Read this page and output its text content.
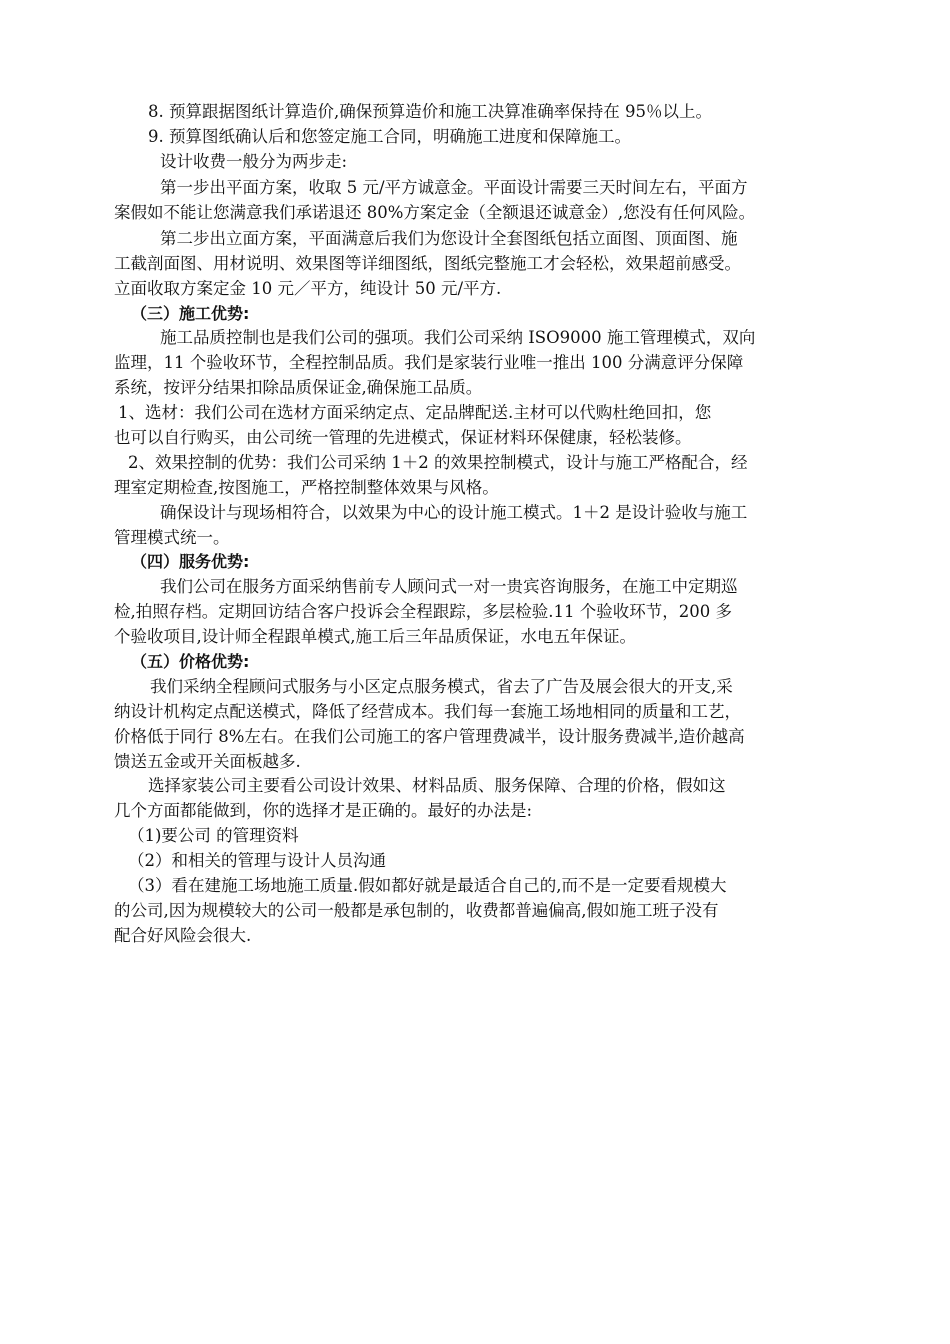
8. 预算跟据图纸计算造价,确保预算造价和施工决算准确率保持在 95％以上。
9. 预算图纸确认后和您签定施工合同，明确施工进度和保障施工。
设计收费一般分为两步走:
第一步出平面方案，收取 5 元/平方诚意金。平面设计需要三天时间左右，平面方
案假如不能让您满意我们承诺退还 80%方案定金（全额退还诚意金）,您没有任何风险。
第二步出立面方案，平面满意后我们为您设计全套图纸包括立面图、顶面图、施
工截剖面图、用材说明、效果图等详细图纸，图纸完整施工才会轻松，效果超前感受。
立面收取方案定金 10 元／平方，纯设计 50 元/平方.
（三）施工优势:
施工品质控制也是我们公司的强项。我们公司采纳 ISO9000 施工管理模式，双向
监理，11 个验收环节，全程控制品质。我们是家装行业唯一推出 100 分满意评分保障
系统，按评分结果扣除品质保证金,确保施工品质。
1、选材：我们公司在选材方面采纳定点、定品牌配送.主材可以代购杜绝回扣，您
也可以自行购买，由公司统一管理的先进模式，保证材料环保健康，轻松装修。
2、效果控制的优势：我们公司采纳 1＋2 的效果控制模式，设计与施工严格配合，经
理室定期检查,按图施工，严格控制整体效果与风格。
确保设计与现场相符合，以效果为中心的设计施工模式。1＋2 是设计验收与施工
管理模式统一。
（四）服务优势:
我们公司在服务方面采纳售前专人顾问式一对一贵宾咨询服务，在施工中定期巡
检,拍照存档。定期回访结合客户投诉会全程跟踪，多层检验.11 个验收环节，200 多
个验收项目,设计师全程跟单模式,施工后三年品质保证，水电五年保证。
（五）价格优势:
我们采纳全程顾问式服务与小区定点服务模式，省去了广告及展会很大的开支,采
纳设计机构定点配送模式，降低了经营成本。我们每一套施工场地相同的质量和工艺，
价格低于同行 8%左右。在我们公司施工的客户管理费减半，设计服务费减半,造价越高
馈送五金或开关面板越多.
选择家装公司主要看公司设计效果、材料品质、服务保障、合理的价格，假如这
几个方面都能做到，你的选择才是正确的。最好的办法是:
（1)要公司 的管理资料
（2）和相关的管理与设计人员沟通
（3）看在建施工场地施工质量.假如都好就是最适合自己的,而不是一定要看规模大
的公司,因为规模较大的公司一般都是承包制的，收费都普遍偏高,假如施工班子没有
配合好风险会很大.
